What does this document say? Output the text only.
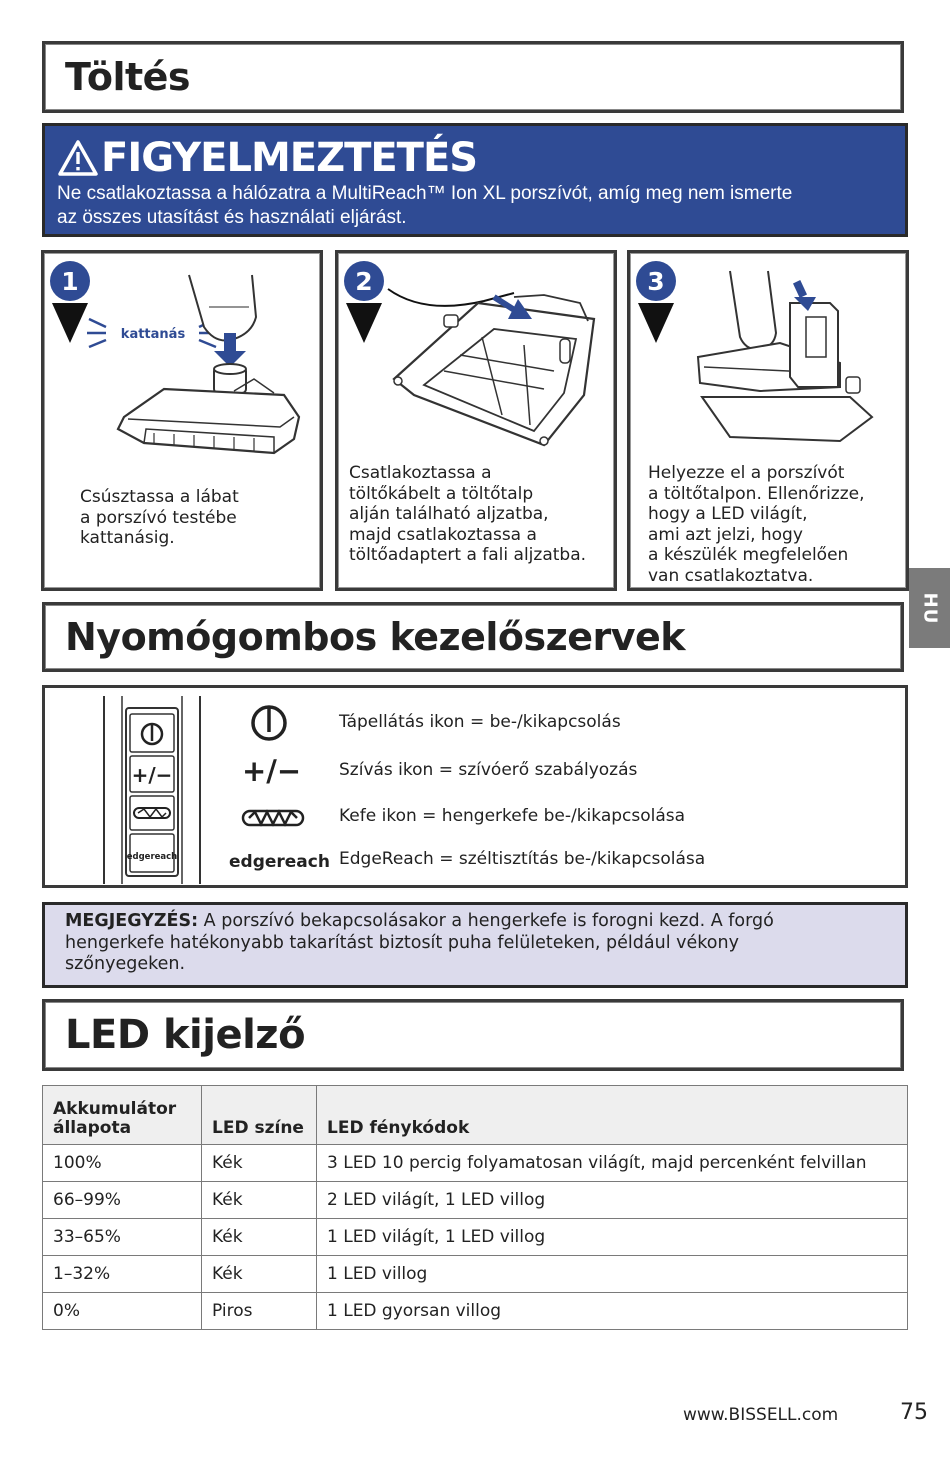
Töltés
FIGYELMEZTETÉS
Ne csatlakoztassa a hálózatra a MultiReach™ Ion XL porszívót, amíg meg nem ismerte
az összes utasítást és használati eljárást.
1
kattanás
Csúsztassa a lábat
a porszívó testébe
kattanásig.
2
Csatlakoztassa a
töltőkábelt a töltőtalp
alján található aljzatba,
majd csatlakoztassa a
töltőadaptert a fali aljzatba.
3
Helyezze el a porszívót
a töltőtalpon. Ellenőrizze,
hogy a LED világít,
ami azt jelzi, hogy
a készülék megfelelően
van csatlakoztatva.
HU
Nyomógombos kezelőszervek
+/−
edgereach
Tápellátás ikon = be-/kikapcsolás
+/− Szívás ikon = szívóerő szabályozás
Kefe ikon = hengerkefe be-/kikapcsolása
edgereach EdgeReach = széltisztítás be-/kikapcsolása
MEGJEGYZÉS: A porszívó bekapcsolásakor a hengerkefe is forogni kezd. A forgó
hengerkefe hatékonyabb takarítást biztosít puha felületeken, például vékony
szőnyegeken.
LED kijelző
Akkumulátor
állapota	LED színe	LED fénykódok
100%	Kék	3 LED 10 percig folyamatosan világít, majd percenként felvillan
66–99%	Kék	2 LED világít, 1 LED villog
33–65%	Kék	1 LED világít, 1 LED villog
1–32%	Kék	1 LED villog
0%	Piros	1 LED gyorsan villog
www.BISSELL.com	75
